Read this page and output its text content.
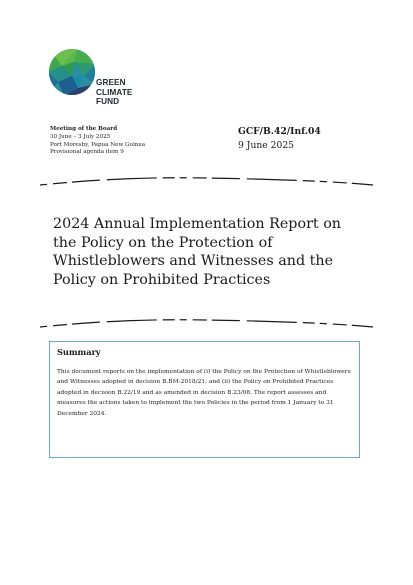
GREEN
CLIMATE
FUND
Meeting of the Board
30 June – 3 July 2025
Port Moresby, Papua New Guinea
Provisional agenda item 9
GCF/B.42/Inf.04
9 June 2025
2024 Annual Implementation Report on the Policy on the Protection of Whistleblowers and Witnesses and the Policy on Prohibited Practices
Summary
This document reports on the implementation of (i) the Policy on the Protection of Whistleblowers and Witnesses adopted in decision B.BM-2018/21; and (ii) the Policy on Prohibited Practices adopted in decision B.22/19 and as amended in decision B.23/08. The report assesses and measures the actions taken to implement the two Policies in the period from 1 January to 31 December 2024.
